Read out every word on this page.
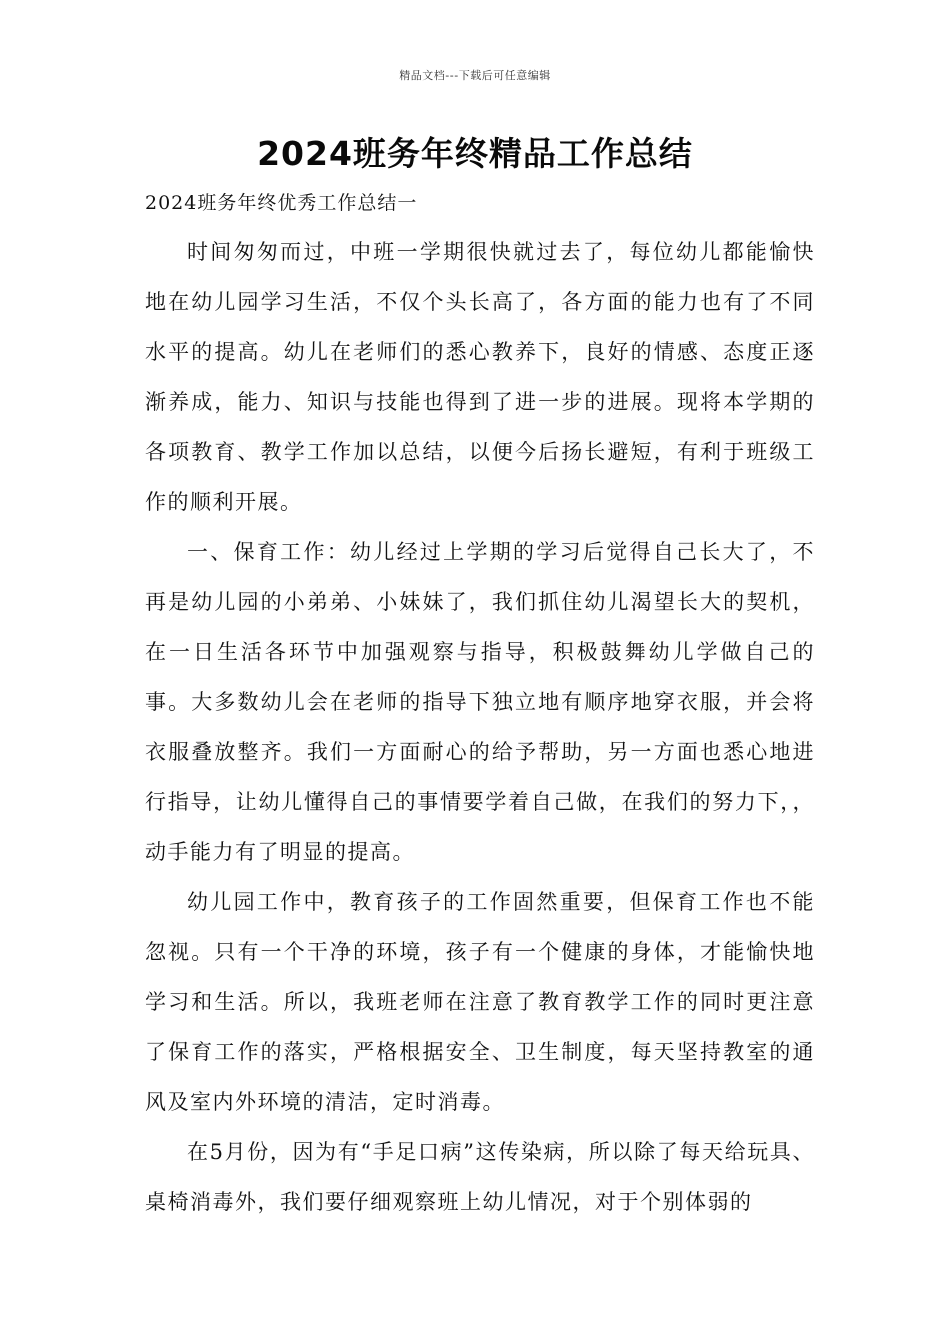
精品文档---下载后可任意编辑
2024班务年终精品工作总结

2024班务年终优秀工作总结一

时间匆匆而过，中班一学期很快就过去了，每位幼儿都能愉快地在幼儿园学习生活，不仅个头长高了，各方面的能力也有了不同水平的提高。幼儿在老师们的悉心教养下，良好的情感、态度正逐渐养成，能力、知识与技能也得到了进一步的进展。现将本学期的各项教育、教学工作加以总结，以便今后扬长避短，有利于班级工作的顺利开展。

一、保育工作：幼儿经过上学期的学习后觉得自己长大了，不再是幼儿园的小弟弟、小妹妹了，我们抓住幼儿渴望长大的契机，在一日生活各环节中加强观察与指导，积极鼓舞幼儿学做自己的事。大多数幼儿会在老师的指导下独立地有顺序地穿衣服，并会将衣服叠放整齐。我们一方面耐心的给予帮助，另一方面也悉心地进行指导，让幼儿懂得自己的事情要学着自己做，在我们的努力下，，动手能力有了明显的提高。

幼儿园工作中，教育孩子的工作固然重要，但保育工作也不能忽视。只有一个干净的环境，孩子有一个健康的身体，才能愉快地学习和生活。所以，我班老师在注意了教育教学工作的同时更注意了保育工作的落实，严格根据安全、卫生制度，每天坚持教室的通风及室内外环境的清洁，定时消毒。

在5月份，因为有“手足口病”这传染病，所以除了每天给玩具、桌椅消毒外，我们要仔细观察班上幼儿情况，对于个别体弱的
